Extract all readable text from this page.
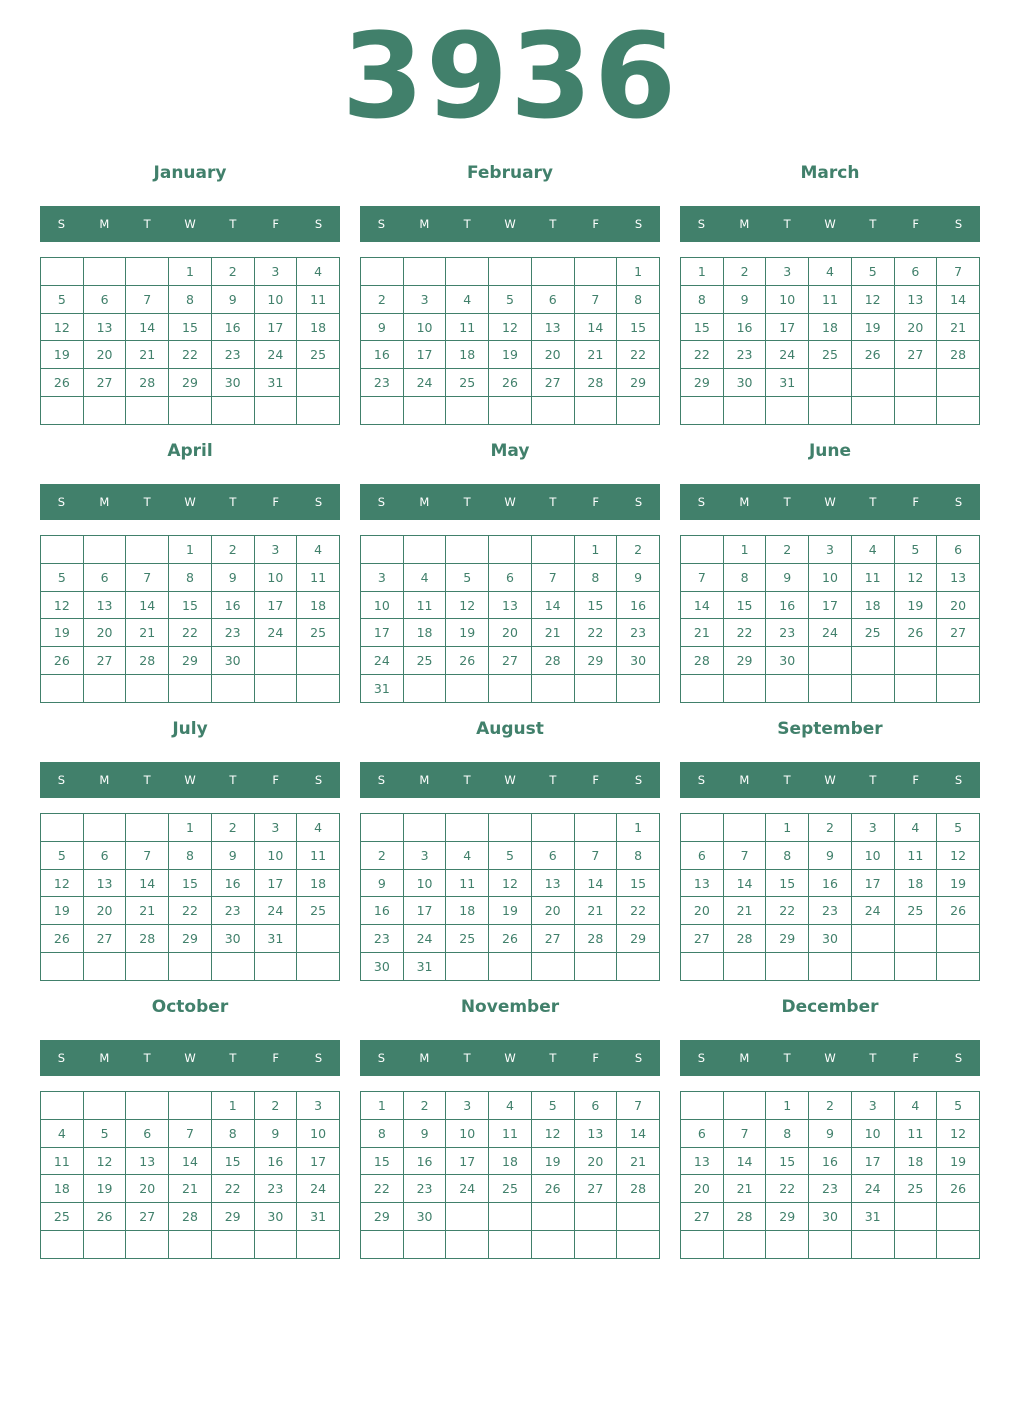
3936
January
S	M	T	W	T	F	S
			1	2	3	4
5	6	7	8	9	10	11
12	13	14	15	16	17	18
19	20	21	22	23	24	25
26	27	28	29	30	31	

February
S	M	T	W	T	F	S
						1
2	3	4	5	6	7	8
9	10	11	12	13	14	15
16	17	18	19	20	21	22
23	24	25	26	27	28	29

March
S	M	T	W	T	F	S
1	2	3	4	5	6	7
8	9	10	11	12	13	14
15	16	17	18	19	20	21
22	23	24	25	26	27	28
29	30	31				

April
S	M	T	W	T	F	S
			1	2	3	4
5	6	7	8	9	10	11
12	13	14	15	16	17	18
19	20	21	22	23	24	25
26	27	28	29	30		

May
S	M	T	W	T	F	S
					1	2
3	4	5	6	7	8	9
10	11	12	13	14	15	16
17	18	19	20	21	22	23
24	25	26	27	28	29	30
31						
June
S	M	T	W	T	F	S
	1	2	3	4	5	6
7	8	9	10	11	12	13
14	15	16	17	18	19	20
21	22	23	24	25	26	27
28	29	30				

July
S	M	T	W	T	F	S
			1	2	3	4
5	6	7	8	9	10	11
12	13	14	15	16	17	18
19	20	21	22	23	24	25
26	27	28	29	30	31	

August
S	M	T	W	T	F	S
						1
2	3	4	5	6	7	8
9	10	11	12	13	14	15
16	17	18	19	20	21	22
23	24	25	26	27	28	29
30	31					
September
S	M	T	W	T	F	S
		1	2	3	4	5
6	7	8	9	10	11	12
13	14	15	16	17	18	19
20	21	22	23	24	25	26
27	28	29	30			

October
S	M	T	W	T	F	S
				1	2	3
4	5	6	7	8	9	10
11	12	13	14	15	16	17
18	19	20	21	22	23	24
25	26	27	28	29	30	31

November
S	M	T	W	T	F	S
1	2	3	4	5	6	7
8	9	10	11	12	13	14
15	16	17	18	19	20	21
22	23	24	25	26	27	28
29	30					

December
S	M	T	W	T	F	S
		1	2	3	4	5
6	7	8	9	10	11	12
13	14	15	16	17	18	19
20	21	22	23	24	25	26
27	28	29	30	31		
